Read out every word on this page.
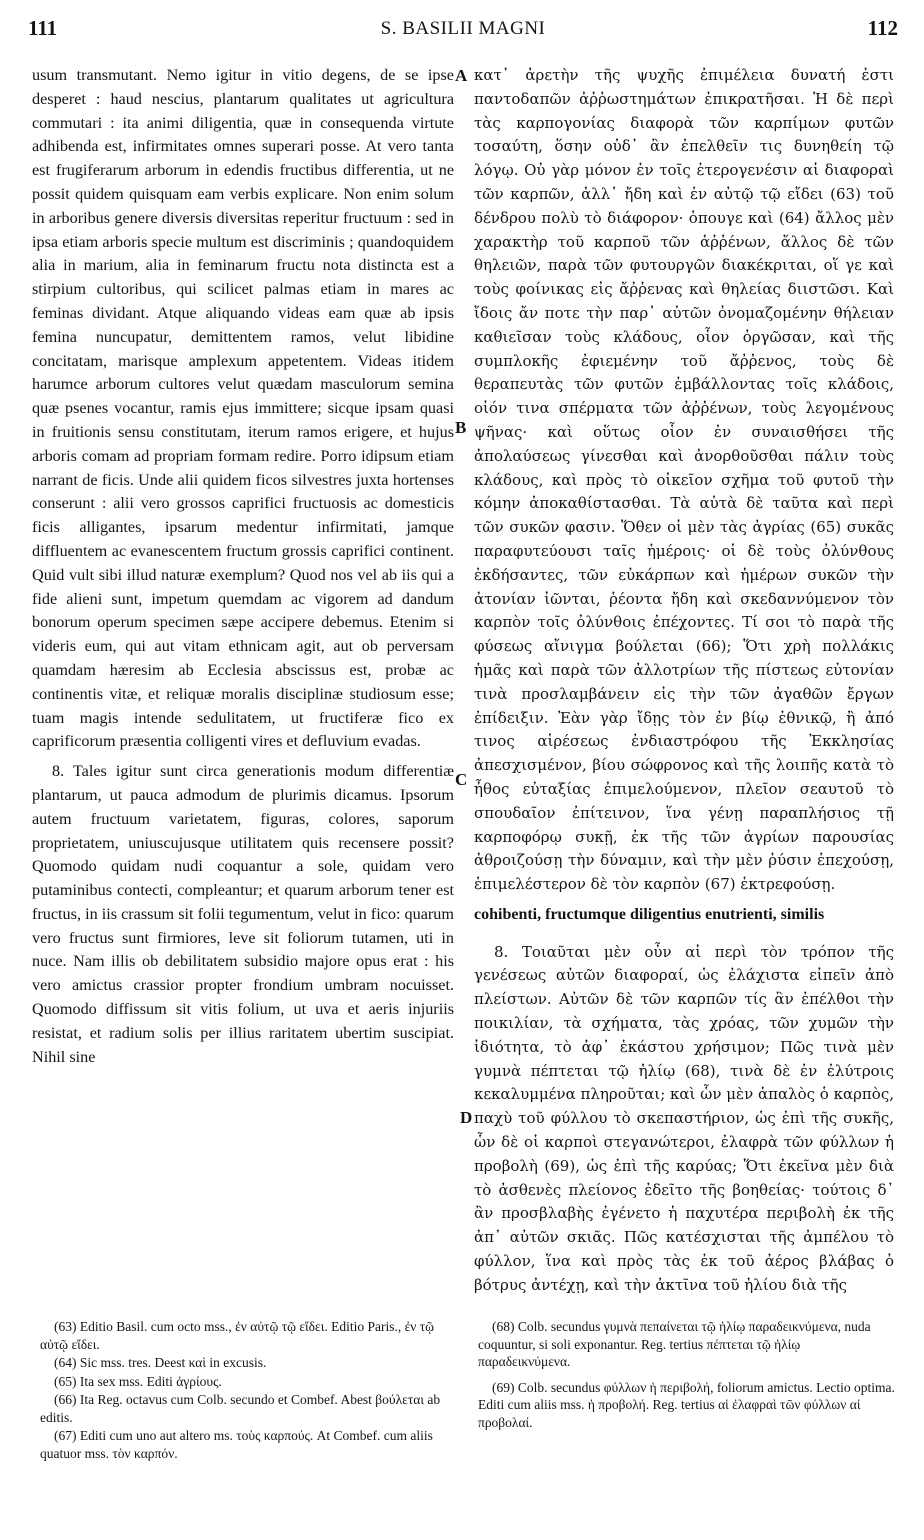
111	S. BASILII MAGNI	112

usum transmutant. Nemo igitur in vitio degens, de se ipse desperet : haud nescius, plantarum qualitates ut agricultura commutari : ita animi diligentia, quæ in consequenda virtute adhibenda est, infirmitates omnes superari posse. At vero tanta est frugiferarum arborum in edendis fructibus differentia, ut ne possit quidem quisquam eam verbis explicare. Non enim solum in arboribus genere diversis diversitas reperitur fructuum : sed in ipsa etiam arboris specie multum est discriminis ; quandoquidem alia in marium, alia in feminarum fructu nota distincta est a stirpium cultoribus, qui scilicet palmas etiam in mares ac feminas dividant. Atque aliquando videas eam quæ ab ipsis femina nuncupatur, demittentem ramos, velut libidine concitatam, marisque amplexum appetentem. Videas itidem harumce arborum cultores velut quædam masculorum semina quæ psenes vocantur, ramis ejus immittere; sicque ipsam quasi in fruitionis sensu constitutam, iterum ramos erigere, et hujus arboris comam ad propriam formam redire. Porro idipsum etiam narrant de ficis. Unde alii quidem ficos silvestres juxta hortenses conserunt : alii vero grossos caprifici fructuosis ac domesticis ficis alligantes, ipsarum medentur infirmitati, jamque diffluentem ac evanescentem fructum grossis caprifici continent. Quid vult sibi illud naturæ exemplum? Quod nos vel ab iis qui a fide alieni sunt, impetum quemdam ac vigorem ad dandum bonorum operum specimen sæpe accipere debemus. Etenim si videris eum, qui aut vitam ethnicam agit, aut ob perversam quamdam hæresim ab Ecclesia abscissus est, probæ ac continentis vitæ, et reliquæ moralis disciplinæ studiosum esse; tuam magis intende sedulitatem, ut fructiferæ fico ex caprificorum præsentia colligenti vires et defluvium evadas.

8. Tales igitur sunt circa generationis modum differentiæ plantarum, ut pauca admodum de plurimis dicamus. Ipsorum autem fructuum varietatem, figuras, colores, saporum proprietatem, uniuscujusque utilitatem quis recensere possit? Quomodo quidam nudi coquantur a sole, quidam vero putaminibus contecti, compleantur; et quarum arborum tener est fructus, in iis crassum sit folii tegumentum, velut in fico: quarum vero fructus sunt firmiores, leve sit foliorum tutamen, uti in nuce. Nam illis ob debilitatem subsidio majore opus erat : his vero amictus crassior propter frondium umbram nocuisset. Quomodo diffissum sit vitis folium, ut uva et aeris injuriis resistat, et radium solis per illius raritatem ubertim suscipiat. Nihil sine

A
B
C
D

κατ᾽ ἀρετὴν τῆς ψυχῆς ἐπιμέλεια δυνατή ἐστι παντοδαπῶν ἀῤῥωστημάτων ἐπικρατῆσαι. Ἡ δὲ περὶ τὰς καρπογονίας διαφορὰ τῶν καρπίμων φυτῶν τοσαύτη, ὅσην οὐδ᾽ ἂν ἐπελθεῖν τις δυνηθείη τῷ λόγῳ. Οὐ γὰρ μόνον ἐν τοῖς ἑτερογενέσιν αἱ διαφοραὶ τῶν καρπῶν, ἀλλ᾽ ἤδη καὶ ἐν αὐτῷ τῷ εἴδει (63) τοῦ δένδρου πολὺ τὸ διάφορον· ὁπουγε καὶ (64) ἄλλος μὲν χαρακτὴρ τοῦ καρποῦ τῶν ἀῤῥένων, ἄλλος δὲ τῶν θηλειῶν, παρὰ τῶν φυτουργῶν διακέκριται, οἵ γε καὶ τοὺς φοίνικας εἰς ἄῤῥενας καὶ θηλείας διιστῶσι. Καὶ ἴδοις ἄν ποτε τὴν παρ᾽ αὐτῶν ὀνομαζομένην θήλειαν καθιεῖσαν τοὺς κλάδους, οἷον ὀργῶσαν, καὶ τῆς συμπλοκῆς ἐφιεμένην τοῦ ἄῤῥενος, τοὺς δὲ θεραπευτὰς τῶν φυτῶν ἐμβάλλοντας τοῖς κλάδοις, οἱόν τινα σπέρματα τῶν ἀῤῥένων, τοὺς λεγομένους ψῆνας· καὶ οὕτως οἷον ἐν συναισθήσει τῆς ἀπολαύσεως γίνεσθαι καὶ ἀνορθοῦσθαι πάλιν τοὺς κλάδους, καὶ πρὸς τὸ οἰκεῖον σχῆμα τοῦ φυτοῦ τὴν κόμην ἀποκαθίστασθαι. Τὰ αὐτὰ δὲ ταῦτα καὶ περὶ τῶν συκῶν φασιν. Ὅθεν οἱ μὲν τὰς ἀγρίας (65) συκᾶς παραφυτεύουσι ταῖς ἡμέροις· οἱ δὲ τοὺς ὀλύνθους ἐκδήσαντες, τῶν εὐκάρπων καὶ ἡμέρων συκῶν τὴν ἀτονίαν ἰῶνται, ῥέοντα ἤδη καὶ σκεδαννύμενον τὸν καρπὸν τοῖς ὀλύνθοις ἐπέχοντες. Τί σοι τὸ παρὰ τῆς φύσεως αἴνιγμα βούλεται (66); Ὅτι χρὴ πολλάκις ἡμᾶς καὶ παρὰ τῶν ἀλλοτρίων τῆς πίστεως εὐτονίαν τινὰ προσλαμβάνειν εἰς τὴν τῶν ἀγαθῶν ἔργων ἐπίδειξιν. Ἐὰν γὰρ ἴδῃς τὸν ἐν βίῳ ἐθνικῷ, ἢ ἀπό τινος αἱρέσεως ἐνδιαστρόφου τῆς Ἐκκλησίας ἀπεσχισμένον, βίου σώφρονος καὶ τῆς λοιπῆς κατὰ τὸ ἦθος εὐταξίας ἐπιμελούμενον, πλεῖον σεαυτοῦ τὸ σπουδαῖον ἐπίτεινον, ἵνα γένῃ παραπλήσιος τῇ καρποφόρῳ συκῇ, ἐκ τῆς τῶν ἀγρίων παρουσίας ἀθροιζούσῃ τὴν δύναμιν, καὶ τὴν μὲν ῥύσιν ἐπεχούσῃ, ἐπιμελέστερον δὲ τὸν καρπὸν (67) ἐκτρεφούσῃ.

cohibenti, fructumque diligentius enutrienti, similis

8. Τοιαῦται μὲν οὖν αἱ περὶ τὸν τρόπον τῆς γενέσεως αὐτῶν διαφοραί, ὡς ἐλάχιστα εἰπεῖν ἀπὸ πλείστων. Αὐτῶν δὲ τῶν καρπῶν τίς ἂν ἐπέλθοι τὴν ποικιλίαν, τὰ σχήματα, τὰς χρόας, τῶν χυμῶν τὴν ἰδιότητα, τὸ ἀφ᾽ ἑκάστου χρήσιμον; Πῶς τινὰ μὲν γυμνὰ πέπτεται τῷ ἡλίῳ (68), τινὰ δὲ ἐν ἐλύτροις κεκαλυμμένα πληροῦται; καὶ ὧν μὲν ἁπαλὸς ὁ καρπὸς, παχὺ τοῦ φύλλου τὸ σκεπαστήριον, ὡς ἐπὶ τῆς συκῆς, ὧν δὲ οἱ καρποὶ στεγανώτεροι, ἐλαφρὰ τῶν φύλλων ἡ προβολὴ (69), ὡς ἐπὶ τῆς καρύας; Ὅτι ἐκεῖνα μὲν διὰ τὸ ἀσθενὲς πλείονος ἐδεῖτο τῆς βοηθείας· τούτοις δ᾽ ἂν προσβλαβὴς ἐγένετο ἡ παχυτέρα περιβολὴ ἐκ τῆς ἀπ᾽ αὐτῶν σκιᾶς. Πῶς κατέσχισται τῆς ἀμπέλου τὸ φύλλον, ἵνα καὶ πρὸς τὰς ἐκ τοῦ ἀέρος βλάβας ὁ βότρυς ἀντέχῃ, καὶ τὴν ἀκτῖνα τοῦ ἡλίου διὰ τῆς

(63) Editio Basil. cum octo mss., ἐν αὐτῷ τῷ εἴδει. Editio Paris., ἐν τῷ αὐτῷ εἴδει.

(64) Sic mss. tres. Deest καὶ in excusis.

(65) Ita sex mss. Editi ἀγρίους.

(66) Ita Reg. octavus cum Colb. secundo et Combef. Abest βούλεται ab editis.

(67) Editi cum uno aut altero ms. τοὺς καρπούς. At Combef. cum aliis quatuor mss. τὸν καρπόν.

(68) Colb. secundus γυμνὰ πεπαίνεται τῷ ἡλίῳ παραδεικνύμενα, nuda coquuntur, si soli exponantur. Reg. tertius πέπτεται τῷ ἡλίῳ παραδεικνύμενα.

(69) Colb. secundus φύλλων ἡ περιβολή, foliorum amictus. Lectio optima. Editi cum aliis mss. ἡ προβολή. Reg. tertius αἱ ἐλαφραὶ τῶν φύλλων αἱ προβολαί.
